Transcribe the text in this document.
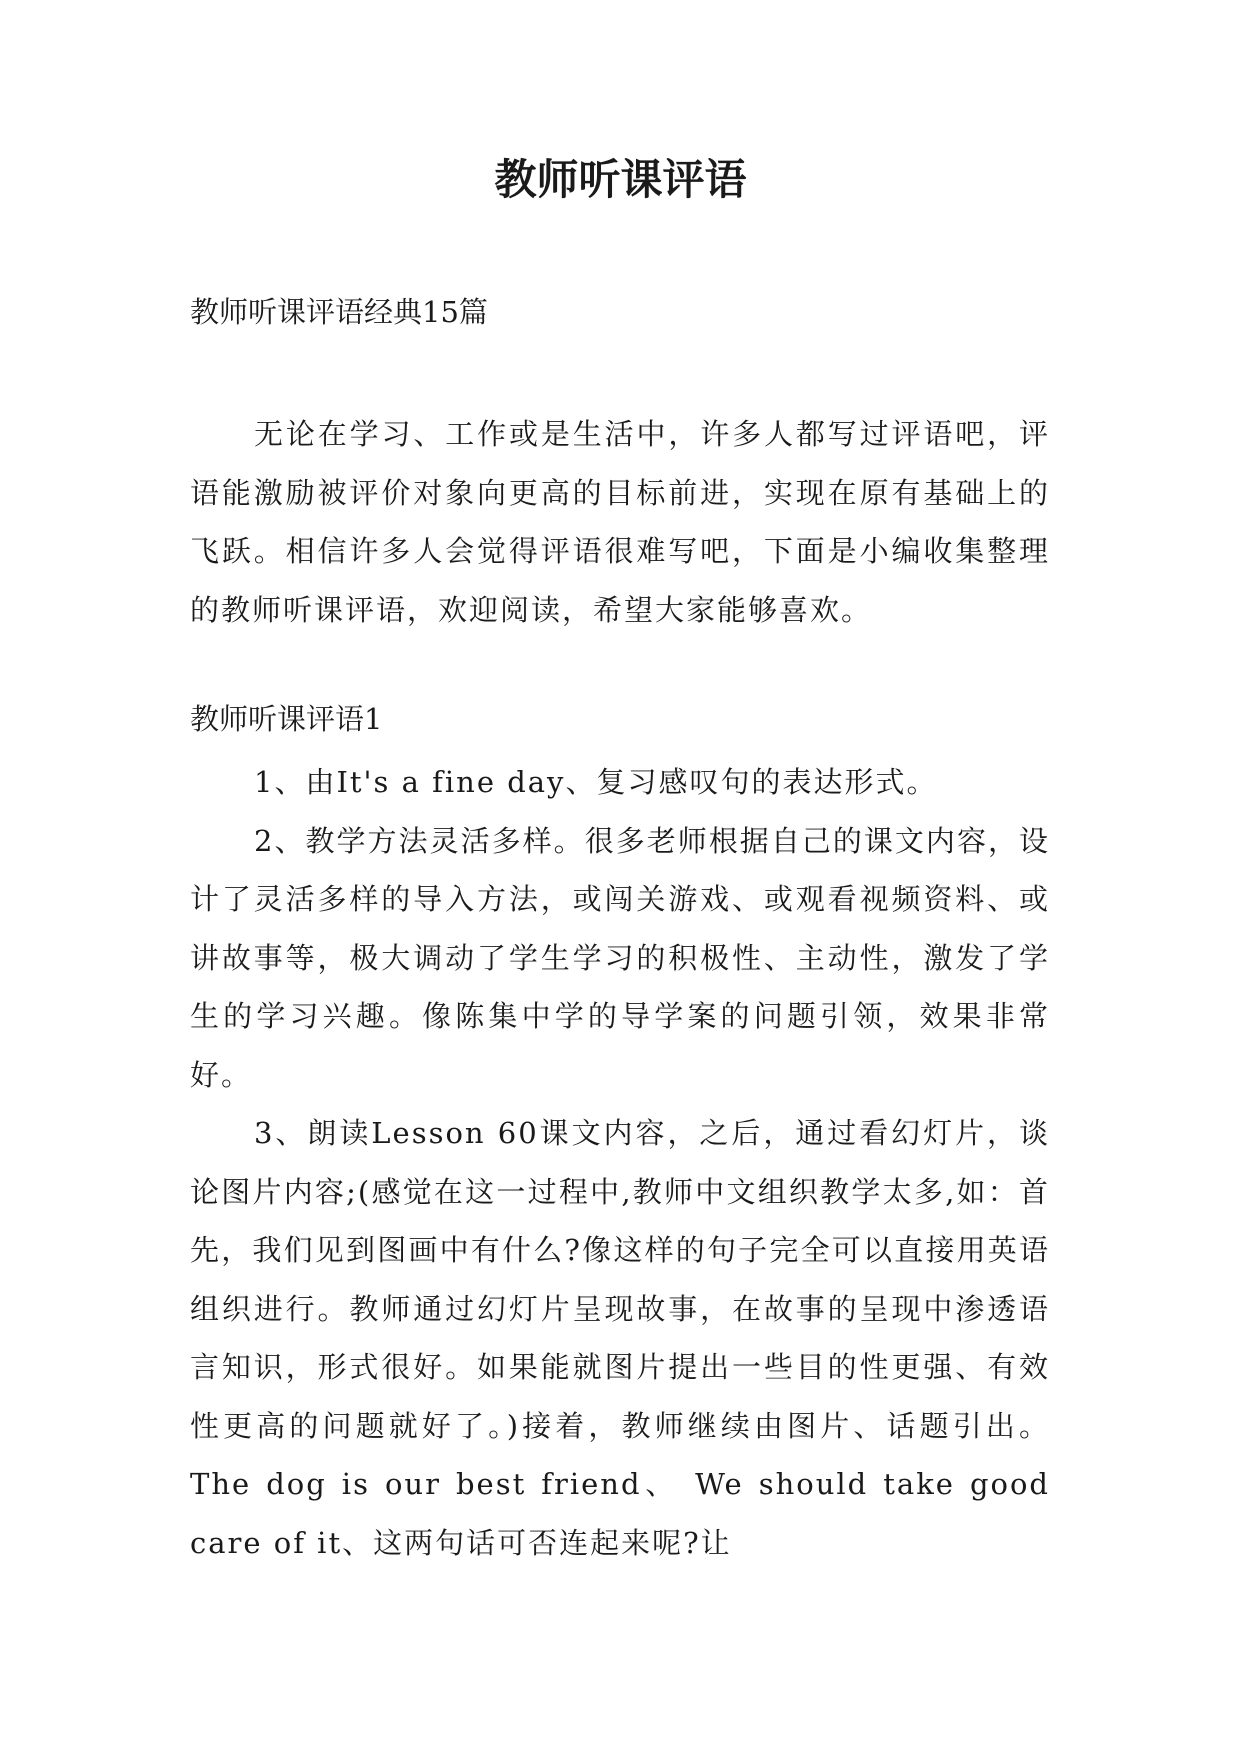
教师听课评语

教师听课评语经典15篇

无论在学习、工作或是生活中，许多人都写过评语吧，评语能激励被评价对象向更高的目标前进，实现在原有基础上的飞跃。相信许多人会觉得评语很难写吧，下面是小编收集整理的教师听课评语，欢迎阅读，希望大家能够喜欢。

教师听课评语1

1、由It's a fine day、复习感叹句的表达形式。

2、教学方法灵活多样。很多老师根据自己的课文内容，设计了灵活多样的导入方法，或闯关游戏、或观看视频资料、或讲故事等，极大调动了学生学习的积极性、主动性，激发了学生的学习兴趣。像陈集中学的导学案的问题引领，效果非常好。

3、朗读Lesson 60课文内容，之后，通过看幻灯片，谈论图片内容;(感觉在这一过程中,教师中文组织教学太多,如：首先，我们见到图画中有什么?像这样的句子完全可以直接用英语组织进行。教师通过幻灯片呈现故事，在故事的呈现中渗透语言知识，形式很好。如果能就图片提出一些目的性更强、有效性更高的问题就好了。)接着，教师继续由图片、话题引出。The dog is our best friend、 We should take good care of it、这两句话可否连起来呢?让
